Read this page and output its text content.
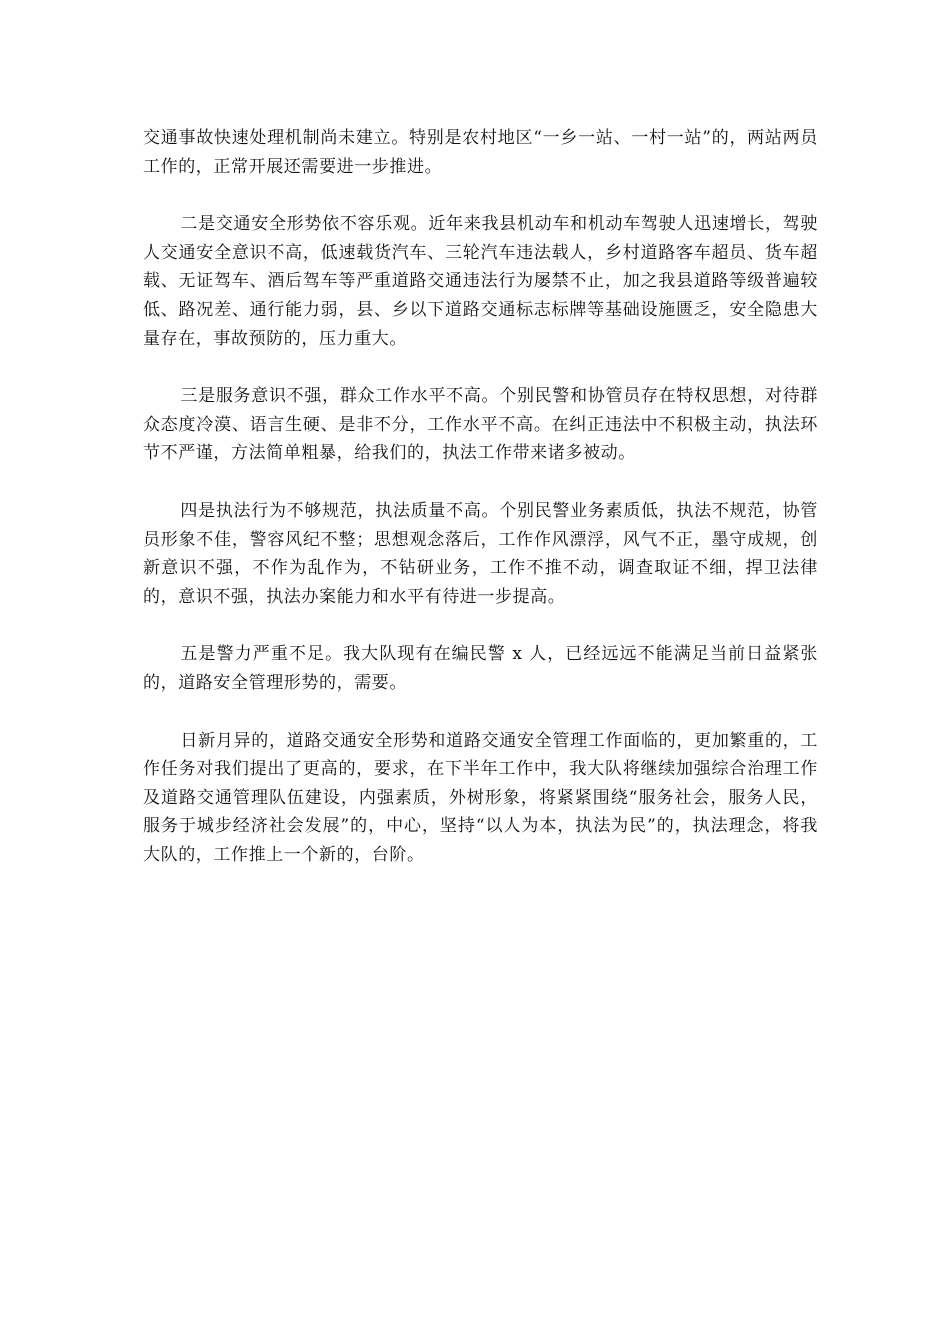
交通事故快速处理机制尚未建立。特别是农村地区“一乡一站、一村一站”的，两站两员工作的，正常开展还需要进一步推进。

二是交通安全形势依不容乐观。近年来我县机动车和机动车驾驶人迅速增长，驾驶人交通安全意识不高，低速载货汽车、三轮汽车违法载人，乡村道路客车超员、货车超载、无证驾车、酒后驾车等严重道路交通违法行为屡禁不止，加之我县道路等级普遍较低、路况差、通行能力弱，县、乡以下道路交通标志标牌等基础设施匮乏，安全隐患大量存在，事故预防的，压力重大。

三是服务意识不强，群众工作水平不高。个别民警和协管员存在特权思想，对待群众态度冷漠、语言生硬、是非不分，工作水平不高。在纠正违法中不积极主动，执法环节不严谨，方法简单粗暴，给我们的，执法工作带来诸多被动。

四是执法行为不够规范，执法质量不高。个别民警业务素质低，执法不规范，协管员形象不佳，警容风纪不整；思想观念落后，工作作风漂浮，风气不正，墨守成规，创新意识不强，不作为乱作为，不钻研业务，工作不推不动，调查取证不细，捍卫法律的，意识不强，执法办案能力和水平有待进一步提高。

五是警力严重不足。我大队现有在编民警 x 人，已经远远不能满足当前日益紧张的，道路安全管理形势的，需要。

日新月异的，道路交通安全形势和道路交通安全管理工作面临的，更加繁重的，工作任务对我们提出了更高的，要求，在下半年工作中，我大队将继续加强综合治理工作及道路交通管理队伍建设，内强素质，外树形象，将紧紧围绕“服务社会，服务人民，服务于城步经济社会发展”的，中心，坚持“以人为本，执法为民”的，执法理念，将我大队的，工作推上一个新的，台阶。
